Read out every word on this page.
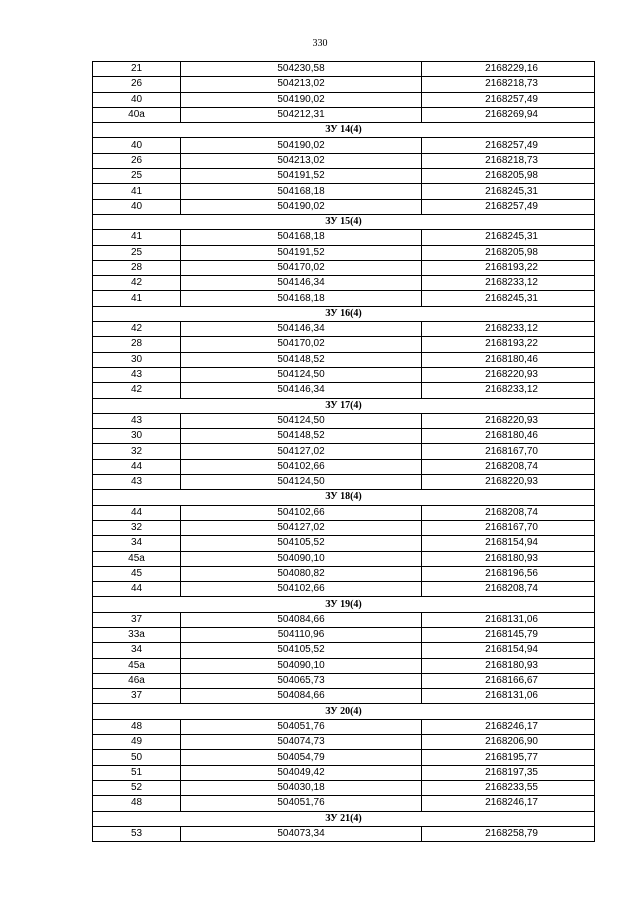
330
21	504230,58	2168229,16
26	504213,02	2168218,73
40	504190,02	2168257,49
40а	504212,31	2168269,94
ЗУ 14(4)		
40	504190,02	2168257,49
26	504213,02	2168218,73
25	504191,52	2168205,98
41	504168,18	2168245,31
40	504190,02	2168257,49
ЗУ 15(4)		
41	504168,18	2168245,31
25	504191,52	2168205,98
28	504170,02	2168193,22
42	504146,34	2168233,12
41	504168,18	2168245,31
ЗУ 16(4)		
42	504146,34	2168233,12
28	504170,02	2168193,22
30	504148,52	2168180,46
43	504124,50	2168220,93
42	504146,34	2168233,12
ЗУ 17(4)		
43	504124,50	2168220,93
30	504148,52	2168180,46
32	504127,02	2168167,70
44	504102,66	2168208,74
43	504124,50	2168220,93
ЗУ 18(4)		
44	504102,66	2168208,74
32	504127,02	2168167,70
34	504105,52	2168154,94
45а	504090,10	2168180,93
45	504080,82	2168196,56
44	504102,66	2168208,74
ЗУ 19(4)		
37	504084,66	2168131,06
33а	504110,96	2168145,79
34	504105,52	2168154,94
45а	504090,10	2168180,93
46а	504065,73	2168166,67
37	504084,66	2168131,06
ЗУ 20(4)		
48	504051,76	2168246,17
49	504074,73	2168206,90
50	504054,79	2168195,77
51	504049,42	2168197,35
52	504030,18	2168233,55
48	504051,76	2168246,17
ЗУ 21(4)		
53	504073,34	2168258,79
